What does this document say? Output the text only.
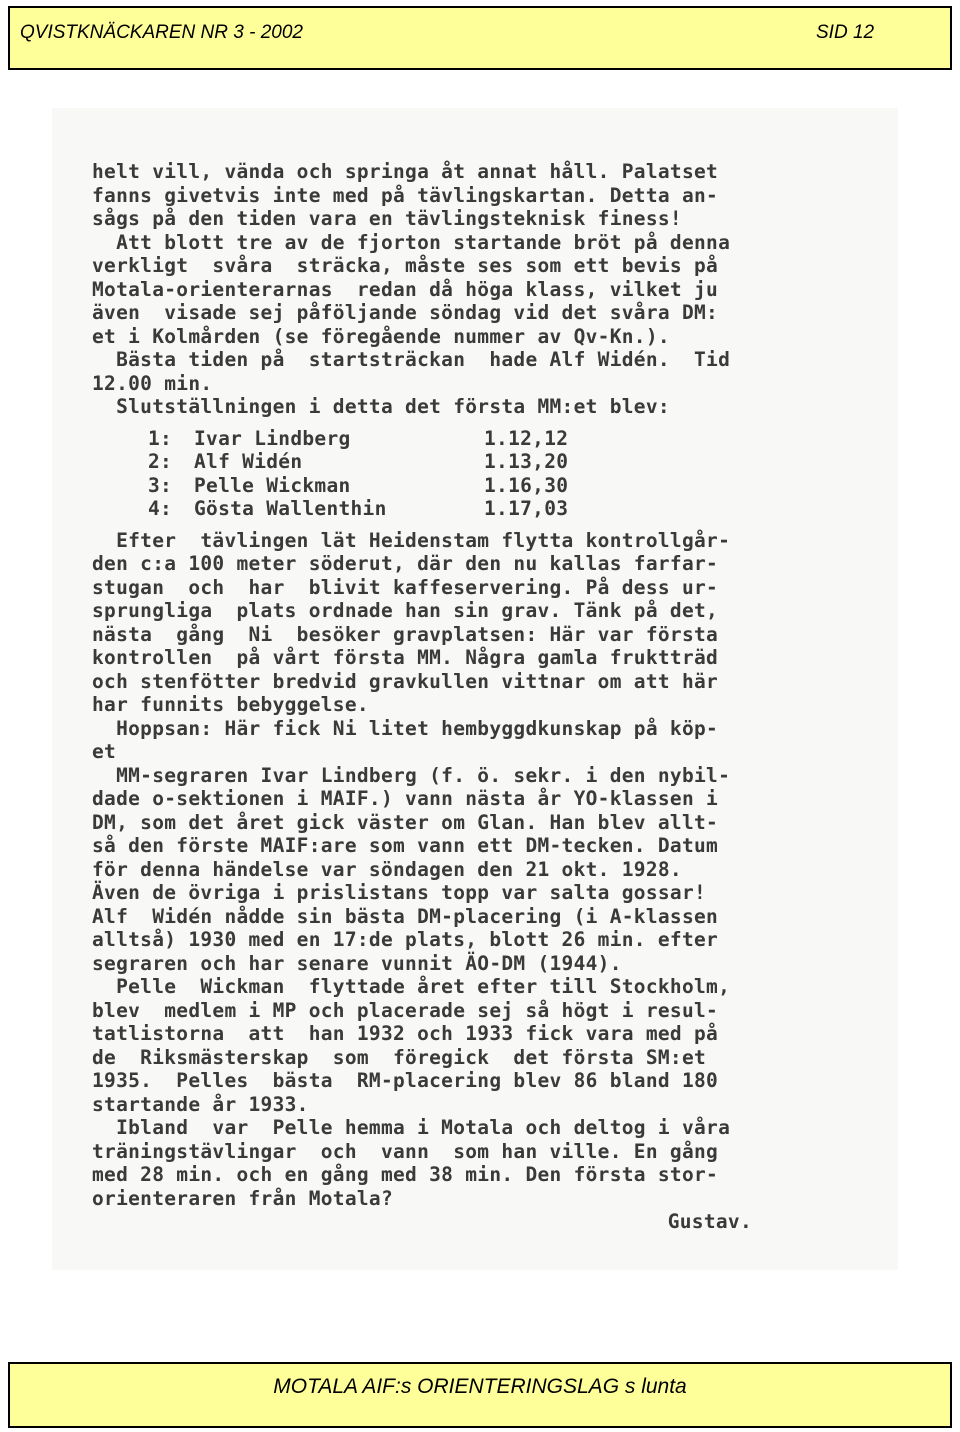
QVISTKNÄCKAREN NR 3 - 2002	SID 12
helt vill, vända och springa åt annat håll. Palatset
fanns givetvis inte med på tävlingskartan. Detta an-
sågs på den tiden vara en tävlingsteknisk finess!
Att blott tre av de fjorton startande bröt på denna
verkligt  svåra  sträcka, måste ses som ett bevis på
Motala-orienterarnas  redan då höga klass, vilket ju
även  visade sej påföljande söndag vid det svåra DM:
et i Kolmården (se föregående nummer av Qv-Kn.).
Bästa tiden på  startsträckan  hade Alf Widén.  Tid
12.00 min.
Slutställningen i detta det första MM:et blev:
1:	Ivar Lindberg	1.12,12
2:	Alf Widén	1.13,20
3:	Pelle Wickman	1.16,30
4:	Gösta Wallenthin	1.17,03
Efter  tävlingen lät Heidenstam flytta kontrollgår-
den c:a 100 meter söderut, där den nu kallas farfar-
stugan  och  har  blivit kaffeservering. På dess ur-
sprungliga  plats ordnade han sin grav. Tänk på det,
nästa  gång  Ni  besöker gravplatsen: Här var första
kontrollen  på vårt första MM. Några gamla fruktträd
och stenfötter bredvid gravkullen vittnar om att här
har funnits bebyggelse.
Hoppsan: Här fick Ni litet hembyggdkunskap på köp-
et
MM-segraren Ivar Lindberg (f. ö. sekr. i den nybil-
dade o-sektionen i MAIF.) vann nästa år YO-klassen i
DM, som det året gick väster om Glan. Han blev allt-
så den förste MAIF:are som vann ett DM-tecken. Datum
för denna händelse var söndagen den 21 okt. 1928.
Även de övriga i prislistans topp var salta gossar!
Alf  Widén nådde sin bästa DM-placering (i A-klassen
alltså) 1930 med en 17:de plats, blott 26 min. efter
segraren och har senare vunnit ÄO-DM (1944).
Pelle  Wickman  flyttade året efter till Stockholm,
blev  medlem i MP och placerade sej så högt i resul-
tatlistorna  att  han 1932 och 1933 fick vara med på
de  Riksmästerskap  som  föregick  det första SM:et
1935.  Pelles  bästa  RM-placering blev 86 bland 180
startande år 1933.
Ibland  var  Pelle hemma i Motala och deltog i våra
träningstävlingar  och  vann  som han ville. En gång
med 28 min. och en gång med 38 min. Den första stor-
orienteraren från Motala?
Gustav.
MOTALA AIF:s ORIENTERINGSLAG s lunta
